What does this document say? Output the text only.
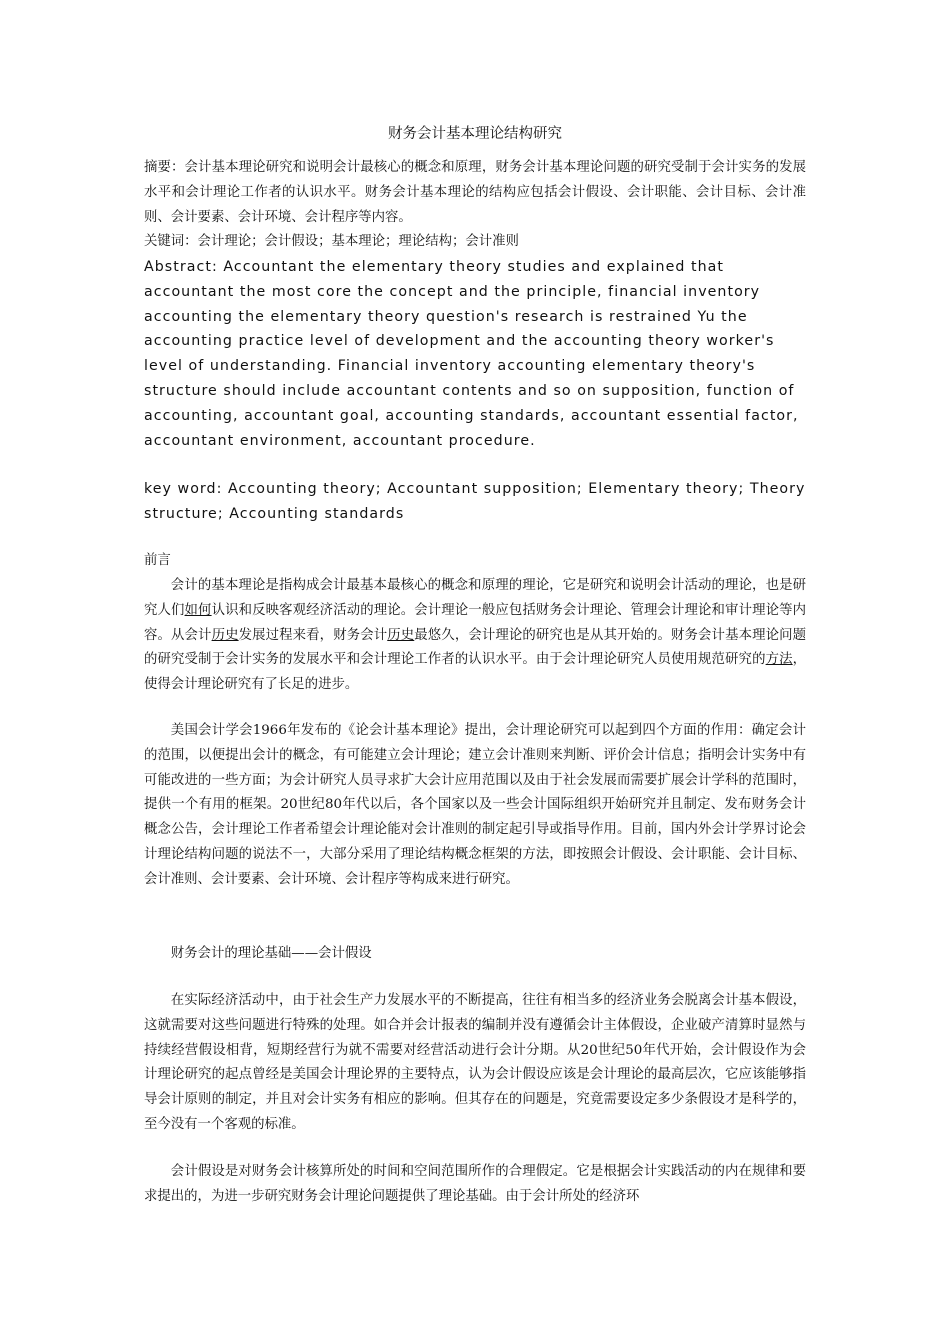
财务会计基本理论结构研究

摘要：会计基本理论研究和说明会计最核心的概念和原理，财务会计基本理论问题的研究受制于会计实务的发展水平和会计理论工作者的认识水平。财务会计基本理论的结构应包括会计假设、会计职能、会计目标、会计准则、会计要素、会计环境、会计程序等内容。

关键词：会计理论；会计假设；基本理论；理论结构；会计准则

Abstract: Accountant the elementary theory studies and explained that accountant the most core the concept and the principle, financial inventory accounting the elementary theory question's research is restrained Yu the accounting practice level of development and the accounting theory worker's level of understanding. Financial inventory accounting elementary theory's structure should include accountant contents and so on supposition, function of accounting, accountant goal, accounting standards, accountant essential factor, accountant environment, accountant procedure.

key word: Accounting theory; Accountant supposition; Elementary theory; Theory structure; Accounting standards

前言

会计的基本理论是指构成会计最基本最核心的概念和原理的理论，它是研究和说明会计活动的理论，也是研究人们如何认识和反映客观经济活动的理论。会计理论一般应包括财务会计理论、管理会计理论和审计理论等内容。从会计历史发展过程来看，财务会计历史最悠久，会计理论的研究也是从其开始的。财务会计基本理论问题的研究受制于会计实务的发展水平和会计理论工作者的认识水平。由于会计理论研究人员使用规范研究的方法，使得会计理论研究有了长足的进步。

美国会计学会1966年发布的《论会计基本理论》提出，会计理论研究可以起到四个方面的作用：确定会计的范围，以便提出会计的概念，有可能建立会计理论；建立会计准则来判断、评价会计信息；指明会计实务中有可能改进的一些方面；为会计研究人员寻求扩大会计应用范围以及由于社会发展而需要扩展会计学科的范围时，提供一个有用的框架。20世纪80年代以后，各个国家以及一些会计国际组织开始研究并且制定、发布财务会计概念公告，会计理论工作者希望会计理论能对会计准则的制定起引导或指导作用。目前，国内外会计学界讨论会计理论结构问题的说法不一，大部分采用了理论结构概念框架的方法，即按照会计假设、会计职能、会计目标、会计准则、会计要素、会计环境、会计程序等构成来进行研究。

财务会计的理论基础——会计假设

在实际经济活动中，由于社会生产力发展水平的不断提高，往往有相当多的经济业务会脱离会计基本假设，这就需要对这些问题进行特殊的处理。如合并会计报表的编制并没有遵循会计主体假设，企业破产清算时显然与持续经营假设相背，短期经营行为就不需要对经营活动进行会计分期。从20世纪50年代开始，会计假设作为会计理论研究的起点曾经是美国会计理论界的主要特点，认为会计假设应该是会计理论的最高层次，它应该能够指导会计原则的制定，并且对会计实务有相应的影响。但其存在的问题是，究竟需要设定多少条假设才是科学的，至今没有一个客观的标准。

会计假设是对财务会计核算所处的时间和空间范围所作的合理假定。它是根据会计实践活动的内在规律和要求提出的，为进一步研究财务会计理论问题提供了理论基础。由于会计所处的经济环
